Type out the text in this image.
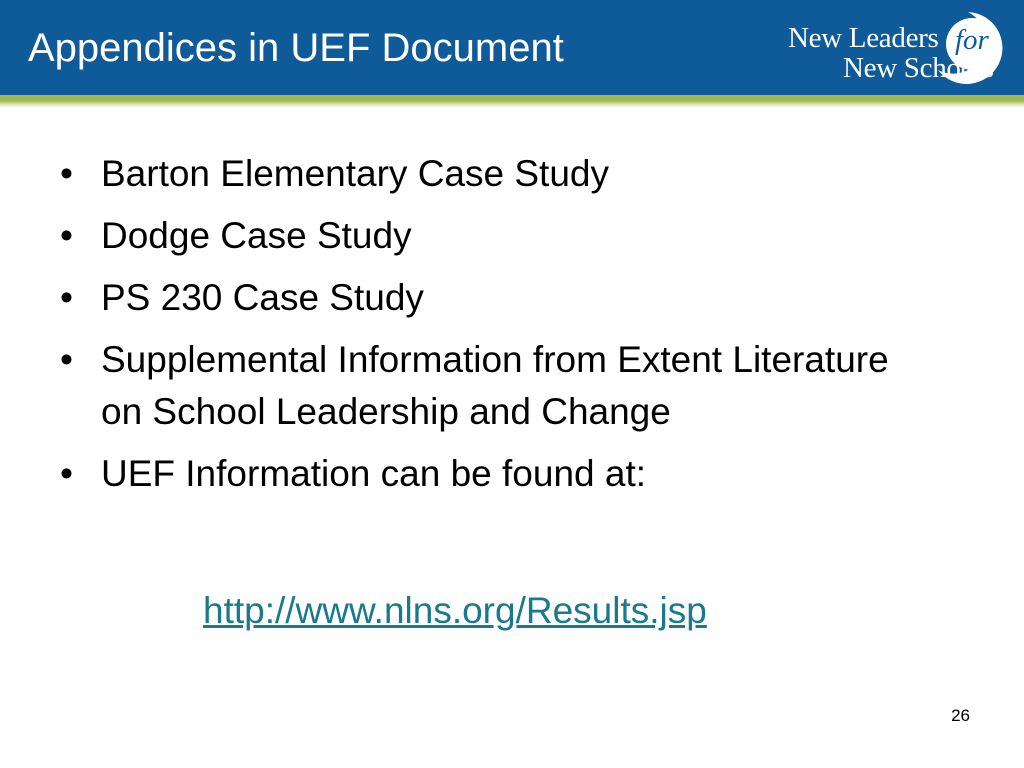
Appendices in UEF Document	New Leaders for
New Schools
• Barton Elementary Case Study
• Dodge Case Study
• PS 230 Case Study
• Supplemental Information from Extent Literature on School Leadership and Change
• UEF Information can be found at:
http://www.nlns.org/Results.jsp
26
